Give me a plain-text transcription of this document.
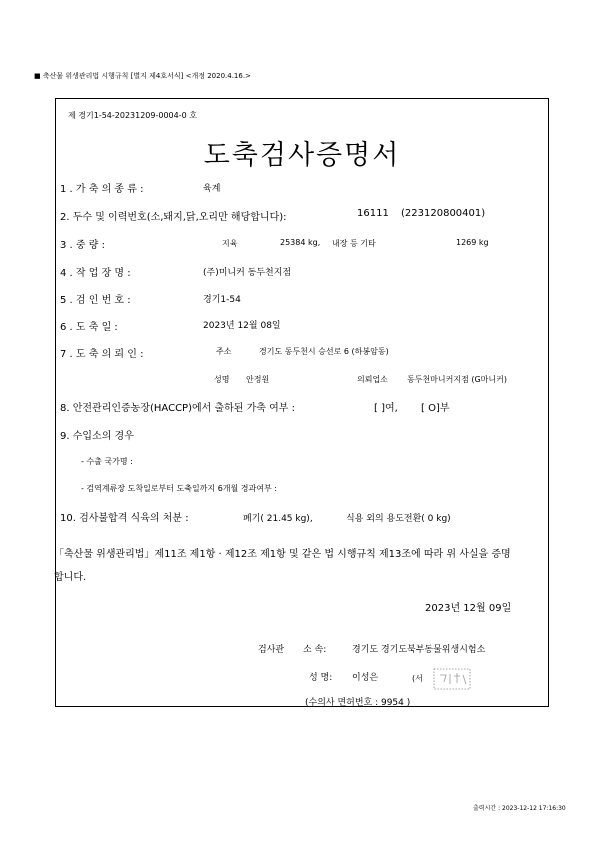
■ 축산물 위생관리법 시행규칙 [별지 제4호서식] <개정 2020.4.16.>
제 경기1-54-20231209-0004-0 호
도축검사증명서
1 . 가 축 의 종 류 :	육계
2. 두수 및 이력번호(소,돼지,닭,오리만 해당합니다):	16111 (223120800401)
3 . 중 량 :	지육	25384 kg, 내장 등 기타	1269 kg
4 . 작 업 장 명 :	(주)미니커 동두천지점
5 . 검 인 번 호 :	경기1-54
6 . 도 축 일 :	2023년 12월 08일
7 . 도 축 의 뢰 인 :	주소	경기도 동두천시 승선로 6 (하봉암동)
성명 안정원	의뢰업소 동두천마니커지점 (G마니커)
8. 안전관리인증농장(HACCP)에서 출하된 가축 여부 :	[ ]여, [ O]부
9. 수입소의 경우
- 수출 국가명 :
- 검역계류장 도착일로부터 도축일까지 6개월 경과여부 :
10. 검사불합격 식육의 처분 :	폐기( 21.45 kg),	식용 외의 용도전환( 0 kg)
「축산물 위생관리법」제11조 제1항 · 제12조 제1항 및 같은 법 시행규칙 제13조에 따라 위 사실을 증명
합니다.
2023년 12월 09일
검사관 소 속:	경기도 경기도북부동물위생시험소
성 명: 이성은	(서
(수의사 면허번호 : 9954 )
출력시간 : 2023-12-12 17:16:30
